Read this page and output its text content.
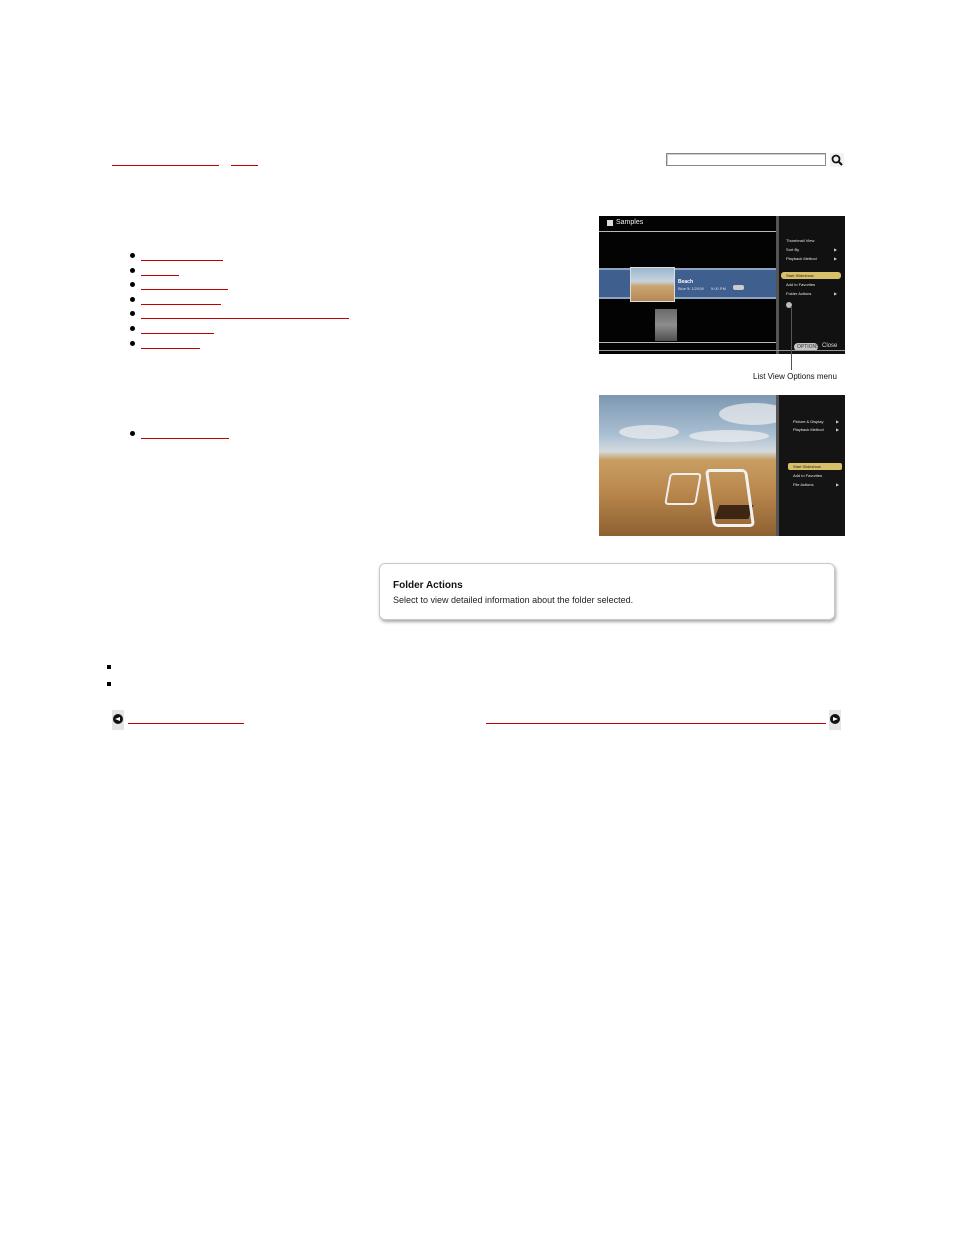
Samples
Beach
Blue 5/ 1/2008 5:00 PM
Thumbnail View
Sort By	▶
Playback Method	▶
Start Slideshow
Add to Favorites
Folder Actions	▶
OPTIONS Close
List View Options menu
Picture & Display	▶
Playback Method	▶
Start Slideshow
Add to Favorites
File Actions	▶
Folder Actions
Select to view detailed information about the folder selected.
